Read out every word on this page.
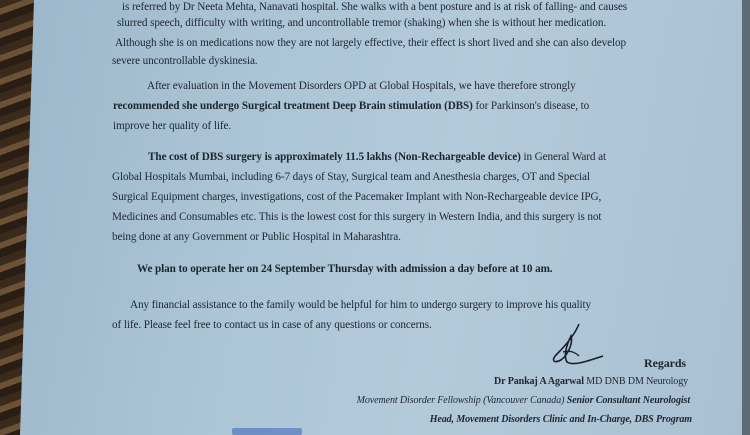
is referred by Dr Neeta Mehta, Nanavati hospital. She walks with a bent posture and is at risk of falling- and causes
slurred speech, difficulty with writing, and uncontrollable tremor (shaking) when she is without her medication.
Although she is on medications now they are not largely effective, their effect is short lived and she can also develop
severe uncontrollable dyskinesia.
After evaluation in the Movement Disorders OPD at Global Hospitals, we have therefore strongly
recommended she undergo Surgical treatment Deep Brain stimulation (DBS) for Parkinson's disease, to
improve her quality of life.
The cost of DBS surgery is approximately 11.5 lakhs (Non-Rechargeable device) in General Ward at
Global Hospitals Mumbai, including 6-7 days of Stay, Surgical team and Anesthesia charges, OT and Special
Surgical Equipment charges, investigations, cost of the Pacemaker Implant with Non-Rechargeable device IPG,
Medicines and Consumables etc. This is the lowest cost for this surgery in Western India, and this surgery is not
being done at any Government or Public Hospital in Maharashtra.
We plan to operate her on 24 September Thursday with admission a day before at 10 am.
Any financial assistance to the family would be helpful for him to undergo surgery to improve his quality
of life. Please feel free to contact us in case of any questions or concerns.
Regards
Dr Pankaj A Agarwal MD DNB DM Neurology
Movement Disorder Fellowship (Vancouver Canada) Senior Consultant Neurologist
Head, Movement Disorders Clinic and In-Charge, DBS Program
